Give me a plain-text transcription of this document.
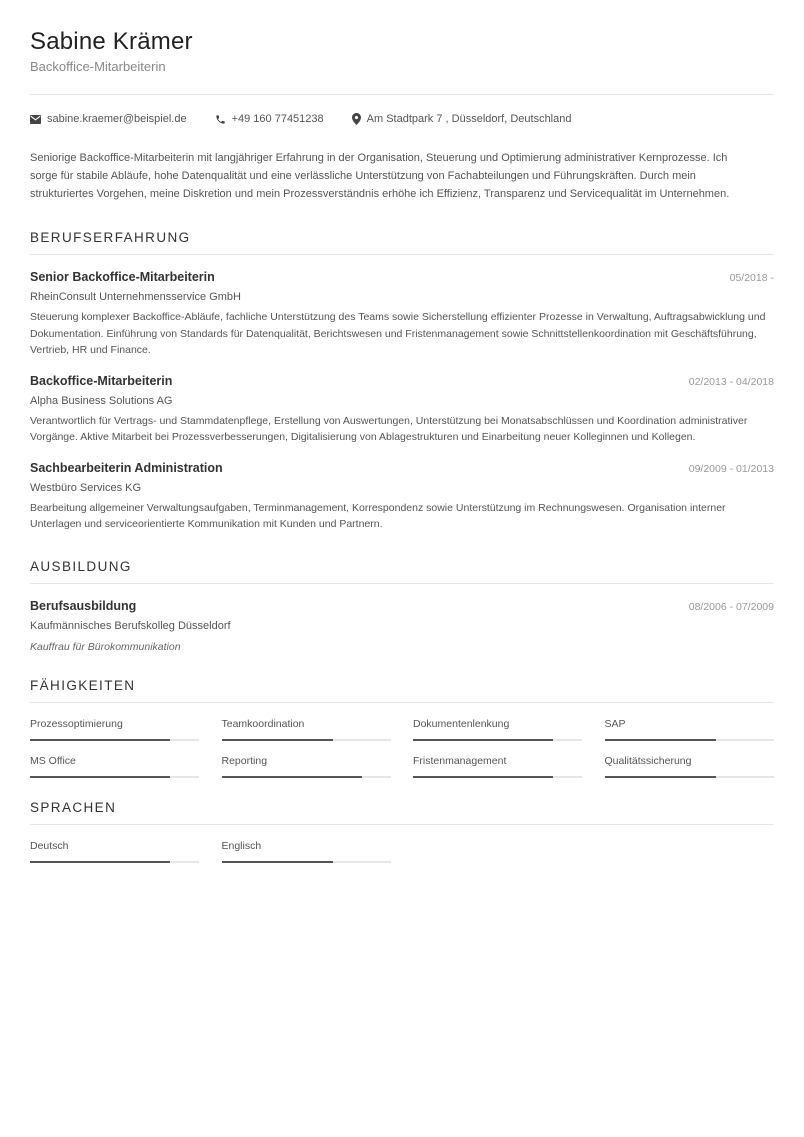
Sabine Krämer
Backoffice-Mitarbeiterin
sabine.kraemer@beispiel.de	+49 160 77451238	Am Stadtpark 7 , Düsseldorf, Deutschland
Seniorige Backoffice-Mitarbeiterin mit langjähriger Erfahrung in der Organisation, Steuerung und Optimierung administrativer Kernprozesse. Ich sorge für stabile Abläufe, hohe Datenqualität und eine verlässliche Unterstützung von Fachabteilungen und Führungskräften. Durch mein strukturiertes Vorgehen, meine Diskretion und mein Prozessverständnis erhöhe ich Effizienz, Transparenz und Servicequalität im Unternehmen.
BERUFSERFAHRUNG
Senior Backoffice-Mitarbeiterin	05/2018 -
RheinConsult Unternehmensservice GmbH
Steuerung komplexer Backoffice-Abläufe, fachliche Unterstützung des Teams sowie Sicherstellung effizienter Prozesse in Verwaltung, Auftragsabwicklung und Dokumentation. Einführung von Standards für Datenqualität, Berichtswesen und Fristenmanagement sowie Schnittstellenkoordination mit Geschäftsführung, Vertrieb, HR und Finance.
Backoffice-Mitarbeiterin	02/2013 - 04/2018
Alpha Business Solutions AG
Verantwortlich für Vertrags- und Stammdatenpflege, Erstellung von Auswertungen, Unterstützung bei Monatsabschlüssen und Koordination administrativer Vorgänge. Aktive Mitarbeit bei Prozessverbesserungen, Digitalisierung von Ablagestrukturen und Einarbeitung neuer Kolleginnen und Kollegen.
Sachbearbeiterin Administration	09/2009 - 01/2013
Westbüro Services KG
Bearbeitung allgemeiner Verwaltungsaufgaben, Terminmanagement, Korrespondenz sowie Unterstützung im Rechnungswesen. Organisation interner Unterlagen und serviceorientierte Kommunikation mit Kunden und Partnern.
AUSBILDUNG
Berufsausbildung	08/2006 - 07/2009
Kaufmännisches Berufskolleg Düsseldorf
Kauffrau für Bürokommunikation
FÄHIGKEITEN
Prozessoptimierung	Teamkoordination	Dokumentenlenkung	SAP
MS Office	Reporting	Fristenmanagement	Qualitätssicherung
SPRACHEN
Deutsch	Englisch
